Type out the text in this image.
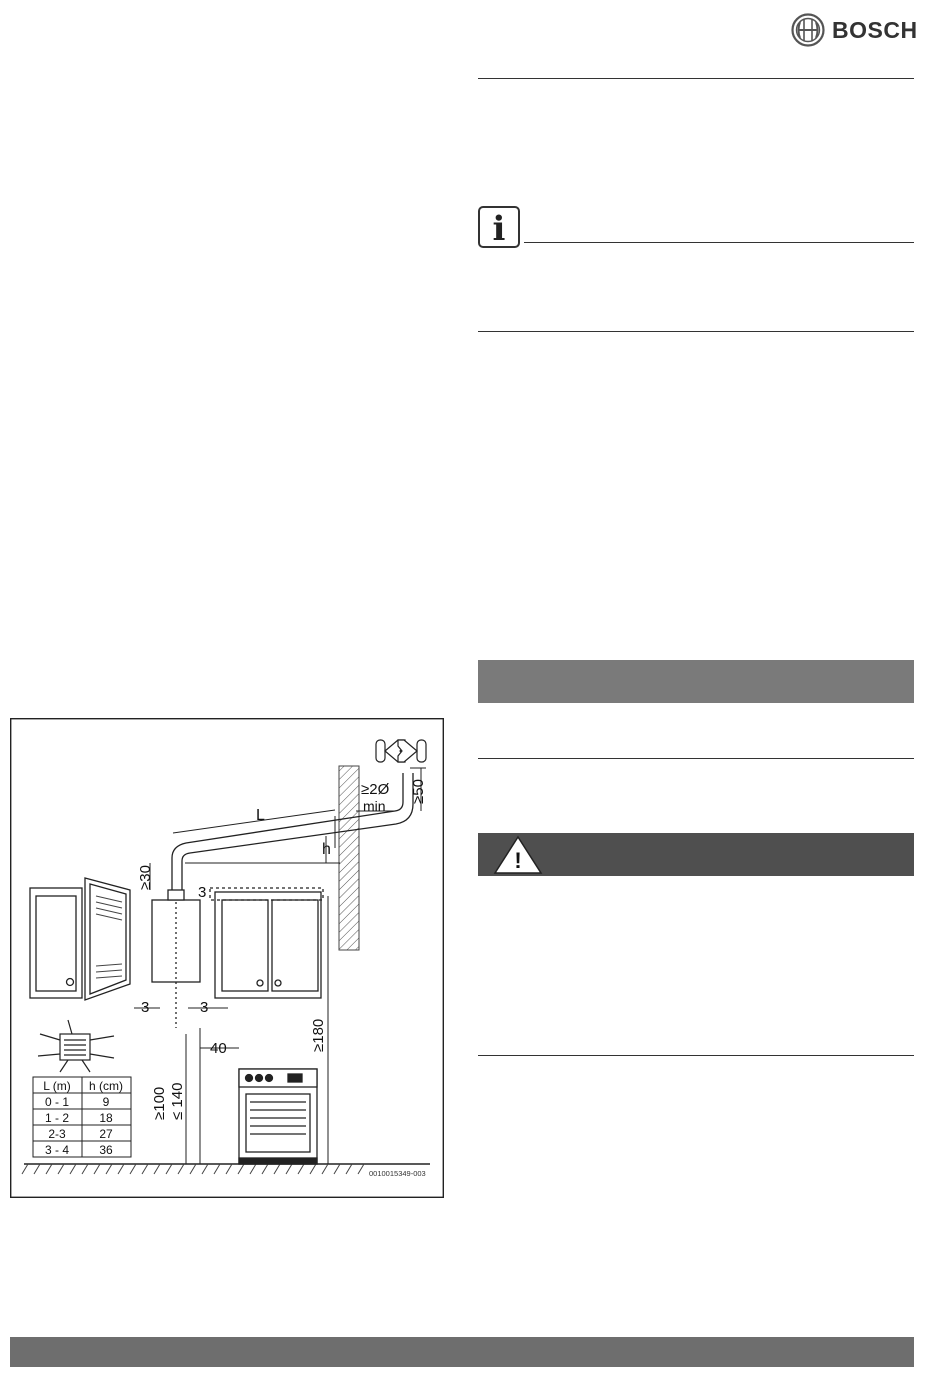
BOSCH
i
!
L
h
≥2Ø
min
≥50
≥30
3
3	3
40	≥180
≥100 ≤ 140
L (m) h (cm)
0 - 1	9
1 - 2	18
2-3	27
3 - 4	36
0010015349-003
